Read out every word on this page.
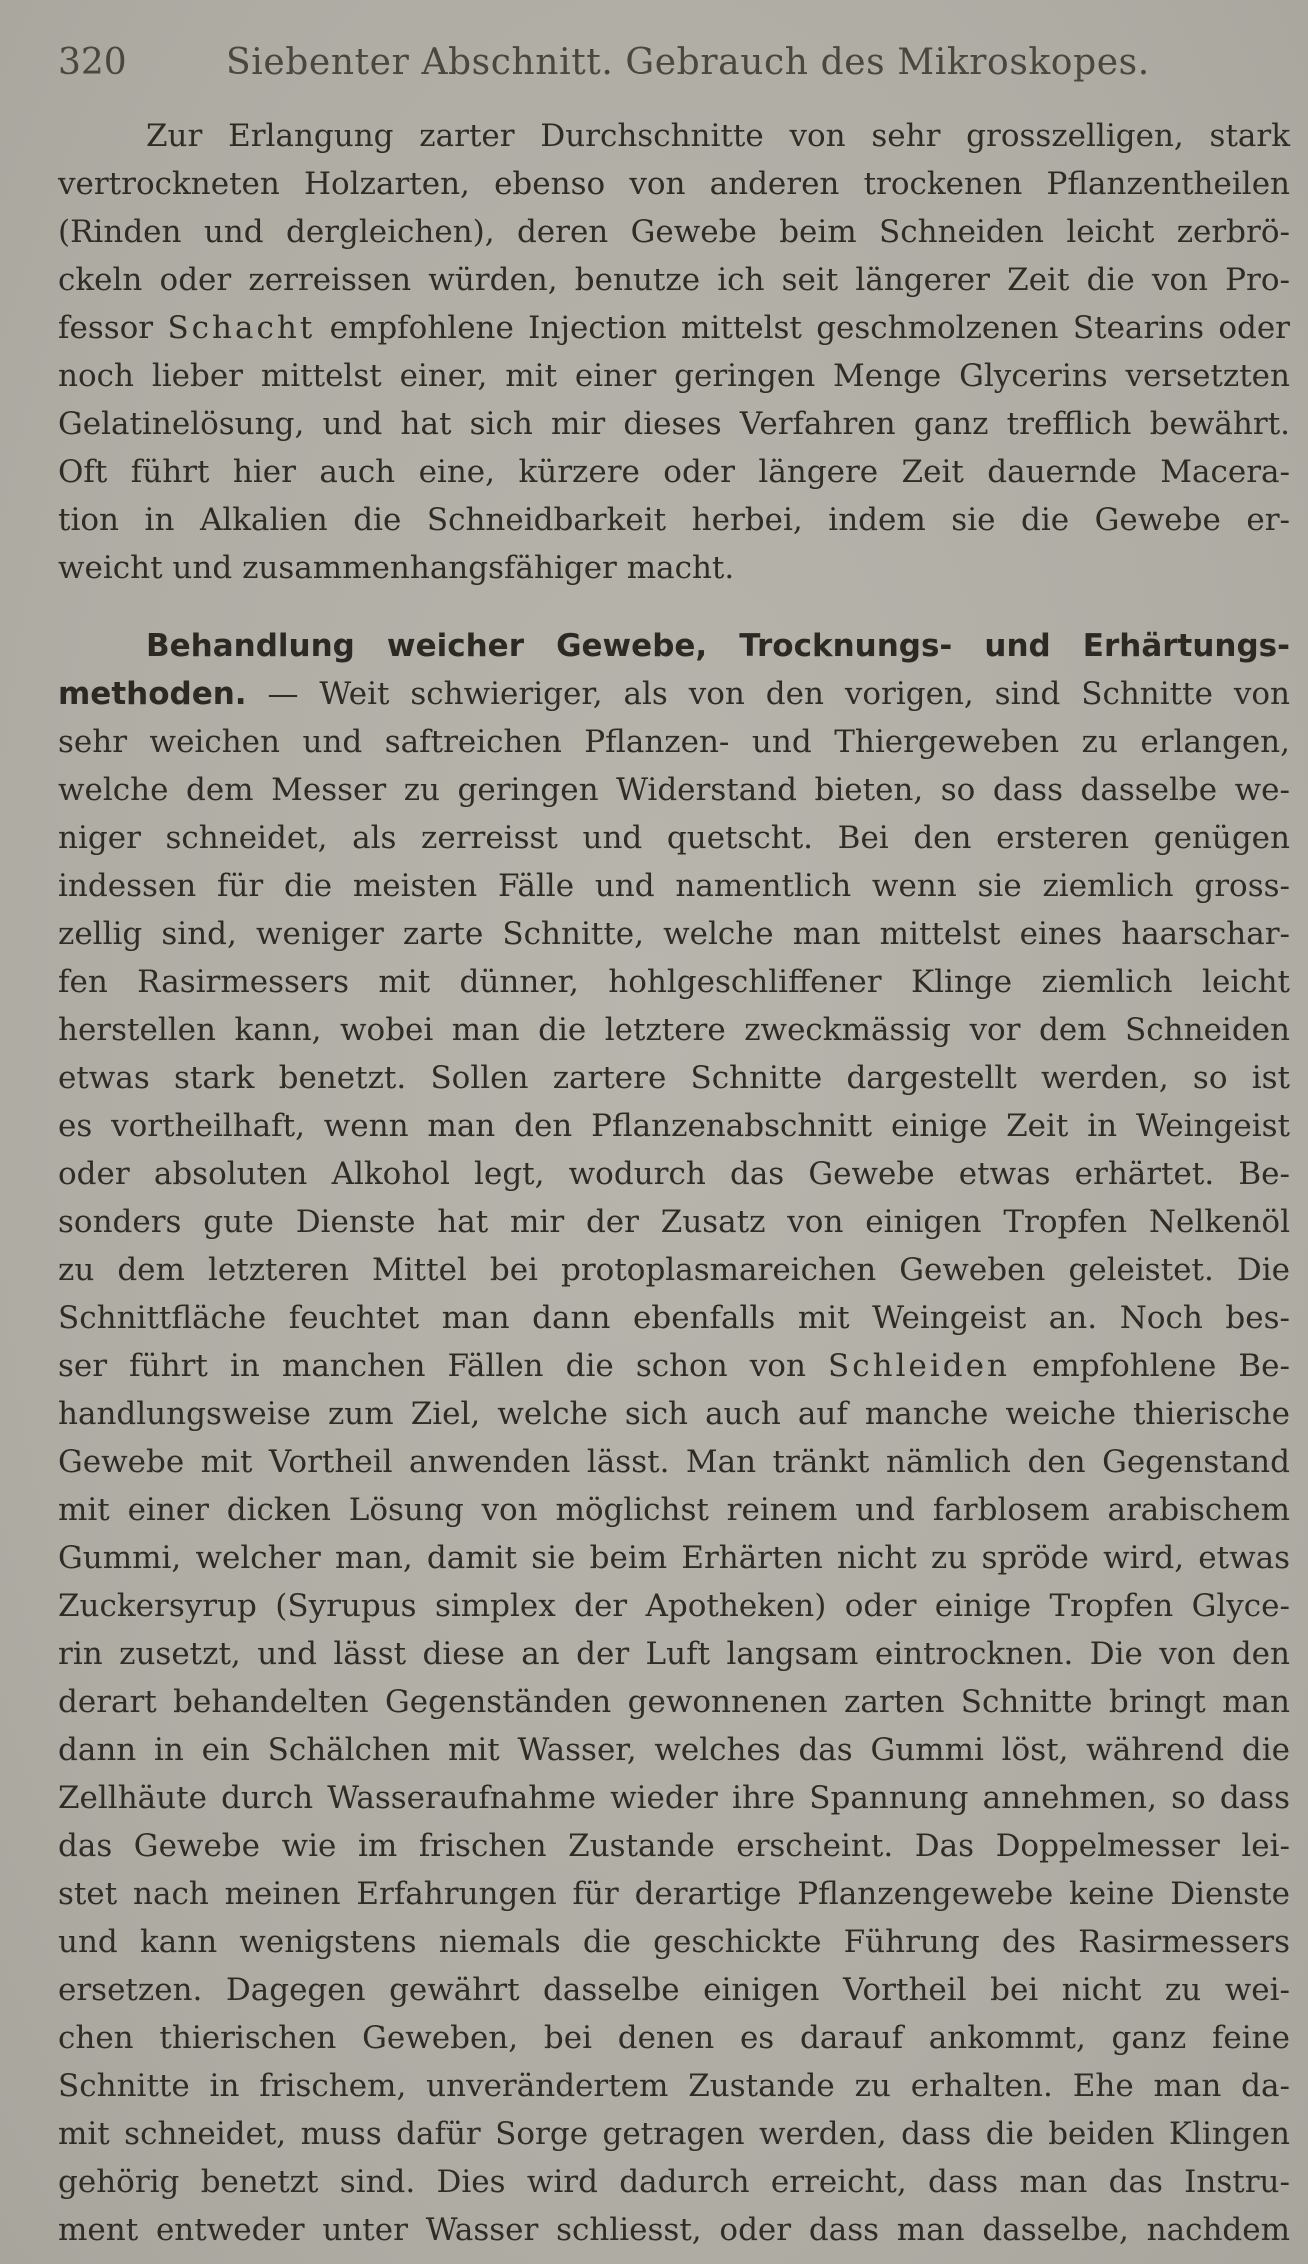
320	Siebenter Abschnitt. Gebrauch des Mikroskopes.
Zur Erlangung zarter Durchschnitte von sehr grosszelligen, stark
vertrockneten Holzarten, ebenso von anderen trockenen Pflanzentheilen
(Rinden und dergleichen), deren Gewebe beim Schneiden leicht zerbrö-
ckeln oder zerreissen würden, benutze ich seit längerer Zeit die von Pro-
fessor Schacht empfohlene Injection mittelst geschmolzenen Stearins oder
noch lieber mittelst einer, mit einer geringen Menge Glycerins versetzten
Gelatinelösung, und hat sich mir dieses Verfahren ganz trefflich bewährt.
Oft führt hier auch eine, kürzere oder längere Zeit dauernde Macera-
tion in Alkalien die Schneidbarkeit herbei, indem sie die Gewebe er-
weicht und zusammenhangsfähiger macht.
Behandlung weicher Gewebe, Trocknungs- und Erhärtungs-
methoden. — Weit schwieriger, als von den vorigen, sind Schnitte von
sehr weichen und saftreichen Pflanzen- und Thiergeweben zu erlangen,
welche dem Messer zu geringen Widerstand bieten, so dass dasselbe we-
niger schneidet, als zerreisst und quetscht. Bei den ersteren genügen
indessen für die meisten Fälle und namentlich wenn sie ziemlich gross-
zellig sind, weniger zarte Schnitte, welche man mittelst eines haarschar-
fen Rasirmessers mit dünner, hohlgeschliffener Klinge ziemlich leicht
herstellen kann, wobei man die letztere zweckmässig vor dem Schneiden
etwas stark benetzt. Sollen zartere Schnitte dargestellt werden, so ist
es vortheilhaft, wenn man den Pflanzenabschnitt einige Zeit in Weingeist
oder absoluten Alkohol legt, wodurch das Gewebe etwas erhärtet. Be-
sonders gute Dienste hat mir der Zusatz von einigen Tropfen Nelkenöl
zu dem letzteren Mittel bei protoplasmareichen Geweben geleistet. Die
Schnittfläche feuchtet man dann ebenfalls mit Weingeist an. Noch bes-
ser führt in manchen Fällen die schon von Schleiden empfohlene Be-
handlungsweise zum Ziel, welche sich auch auf manche weiche thierische
Gewebe mit Vortheil anwenden lässt. Man tränkt nämlich den Gegenstand
mit einer dicken Lösung von möglichst reinem und farblosem arabischem
Gummi, welcher man, damit sie beim Erhärten nicht zu spröde wird, etwas
Zuckersyrup (Syrupus simplex der Apotheken) oder einige Tropfen Glyce-
rin zusetzt, und lässt diese an der Luft langsam eintrocknen. Die von den
derart behandelten Gegenständen gewonnenen zarten Schnitte bringt man
dann in ein Schälchen mit Wasser, welches das Gummi löst, während die
Zellhäute durch Wasseraufnahme wieder ihre Spannung annehmen, so dass
das Gewebe wie im frischen Zustande erscheint. Das Doppelmesser lei-
stet nach meinen Erfahrungen für derartige Pflanzengewebe keine Dienste
und kann wenigstens niemals die geschickte Führung des Rasirmessers
ersetzen. Dagegen gewährt dasselbe einigen Vortheil bei nicht zu wei-
chen thierischen Geweben, bei denen es darauf ankommt, ganz feine
Schnitte in frischem, unverändertem Zustande zu erhalten. Ehe man da-
mit schneidet, muss dafür Sorge getragen werden, dass die beiden Klingen
gehörig benetzt sind. Dies wird dadurch erreicht, dass man das Instru-
ment entweder unter Wasser schliesst, oder dass man dasselbe, nachdem
